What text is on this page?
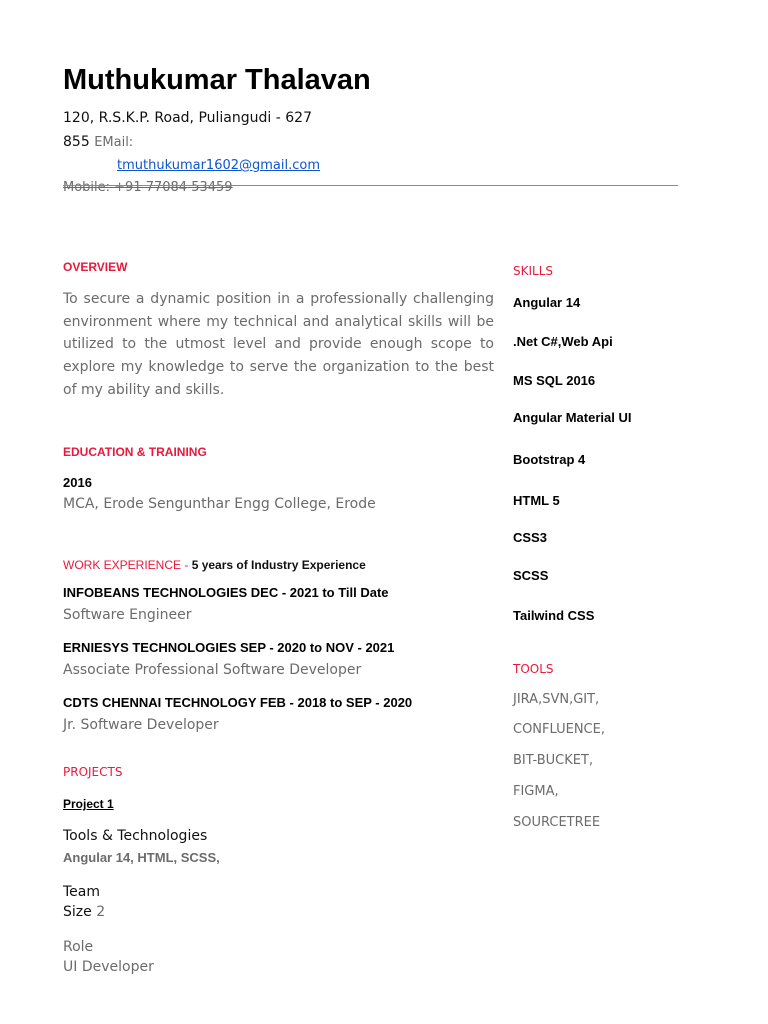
Muthukumar Thalavan
120, R.S.K.P. Road, Puliangudi - 627
855 EMail:
tmuthukumar1602@gmail.com
Mobile: +91 77084 53459
OVERVIEW
To secure a dynamic position in a professionally challenging environment where my technical and analytical skills will be utilized to the utmost level and provide enough scope to explore my knowledge to serve the organization to the best of my ability and skills.
EDUCATION & TRAINING
2016
MCA, Erode Sengunthar Engg College, Erode
WORK EXPERIENCE - 5 years of Industry Experience
INFOBEANS TECHNOLOGIES DEC - 2021 to Till Date
Software Engineer
ERNIESYS TECHNOLOGIES SEP - 2020 to NOV - 2021
Associate Professional Software Developer
CDTS CHENNAI TECHNOLOGY FEB - 2018 to SEP - 2020
Jr. Software Developer
PROJECTS
Project 1
Tools & Technologies
Angular 14, HTML, SCSS,
Team
Size 2
Role
UI Developer
SKILLS
Angular 14
.Net C#,Web Api
MS SQL 2016
Angular Material UI
Bootstrap 4
HTML 5
CSS3
SCSS
Tailwind CSS
TOOLS
JIRA,SVN,GIT,
CONFLUENCE,
BIT-BUCKET,
FIGMA,
SOURCETREE
